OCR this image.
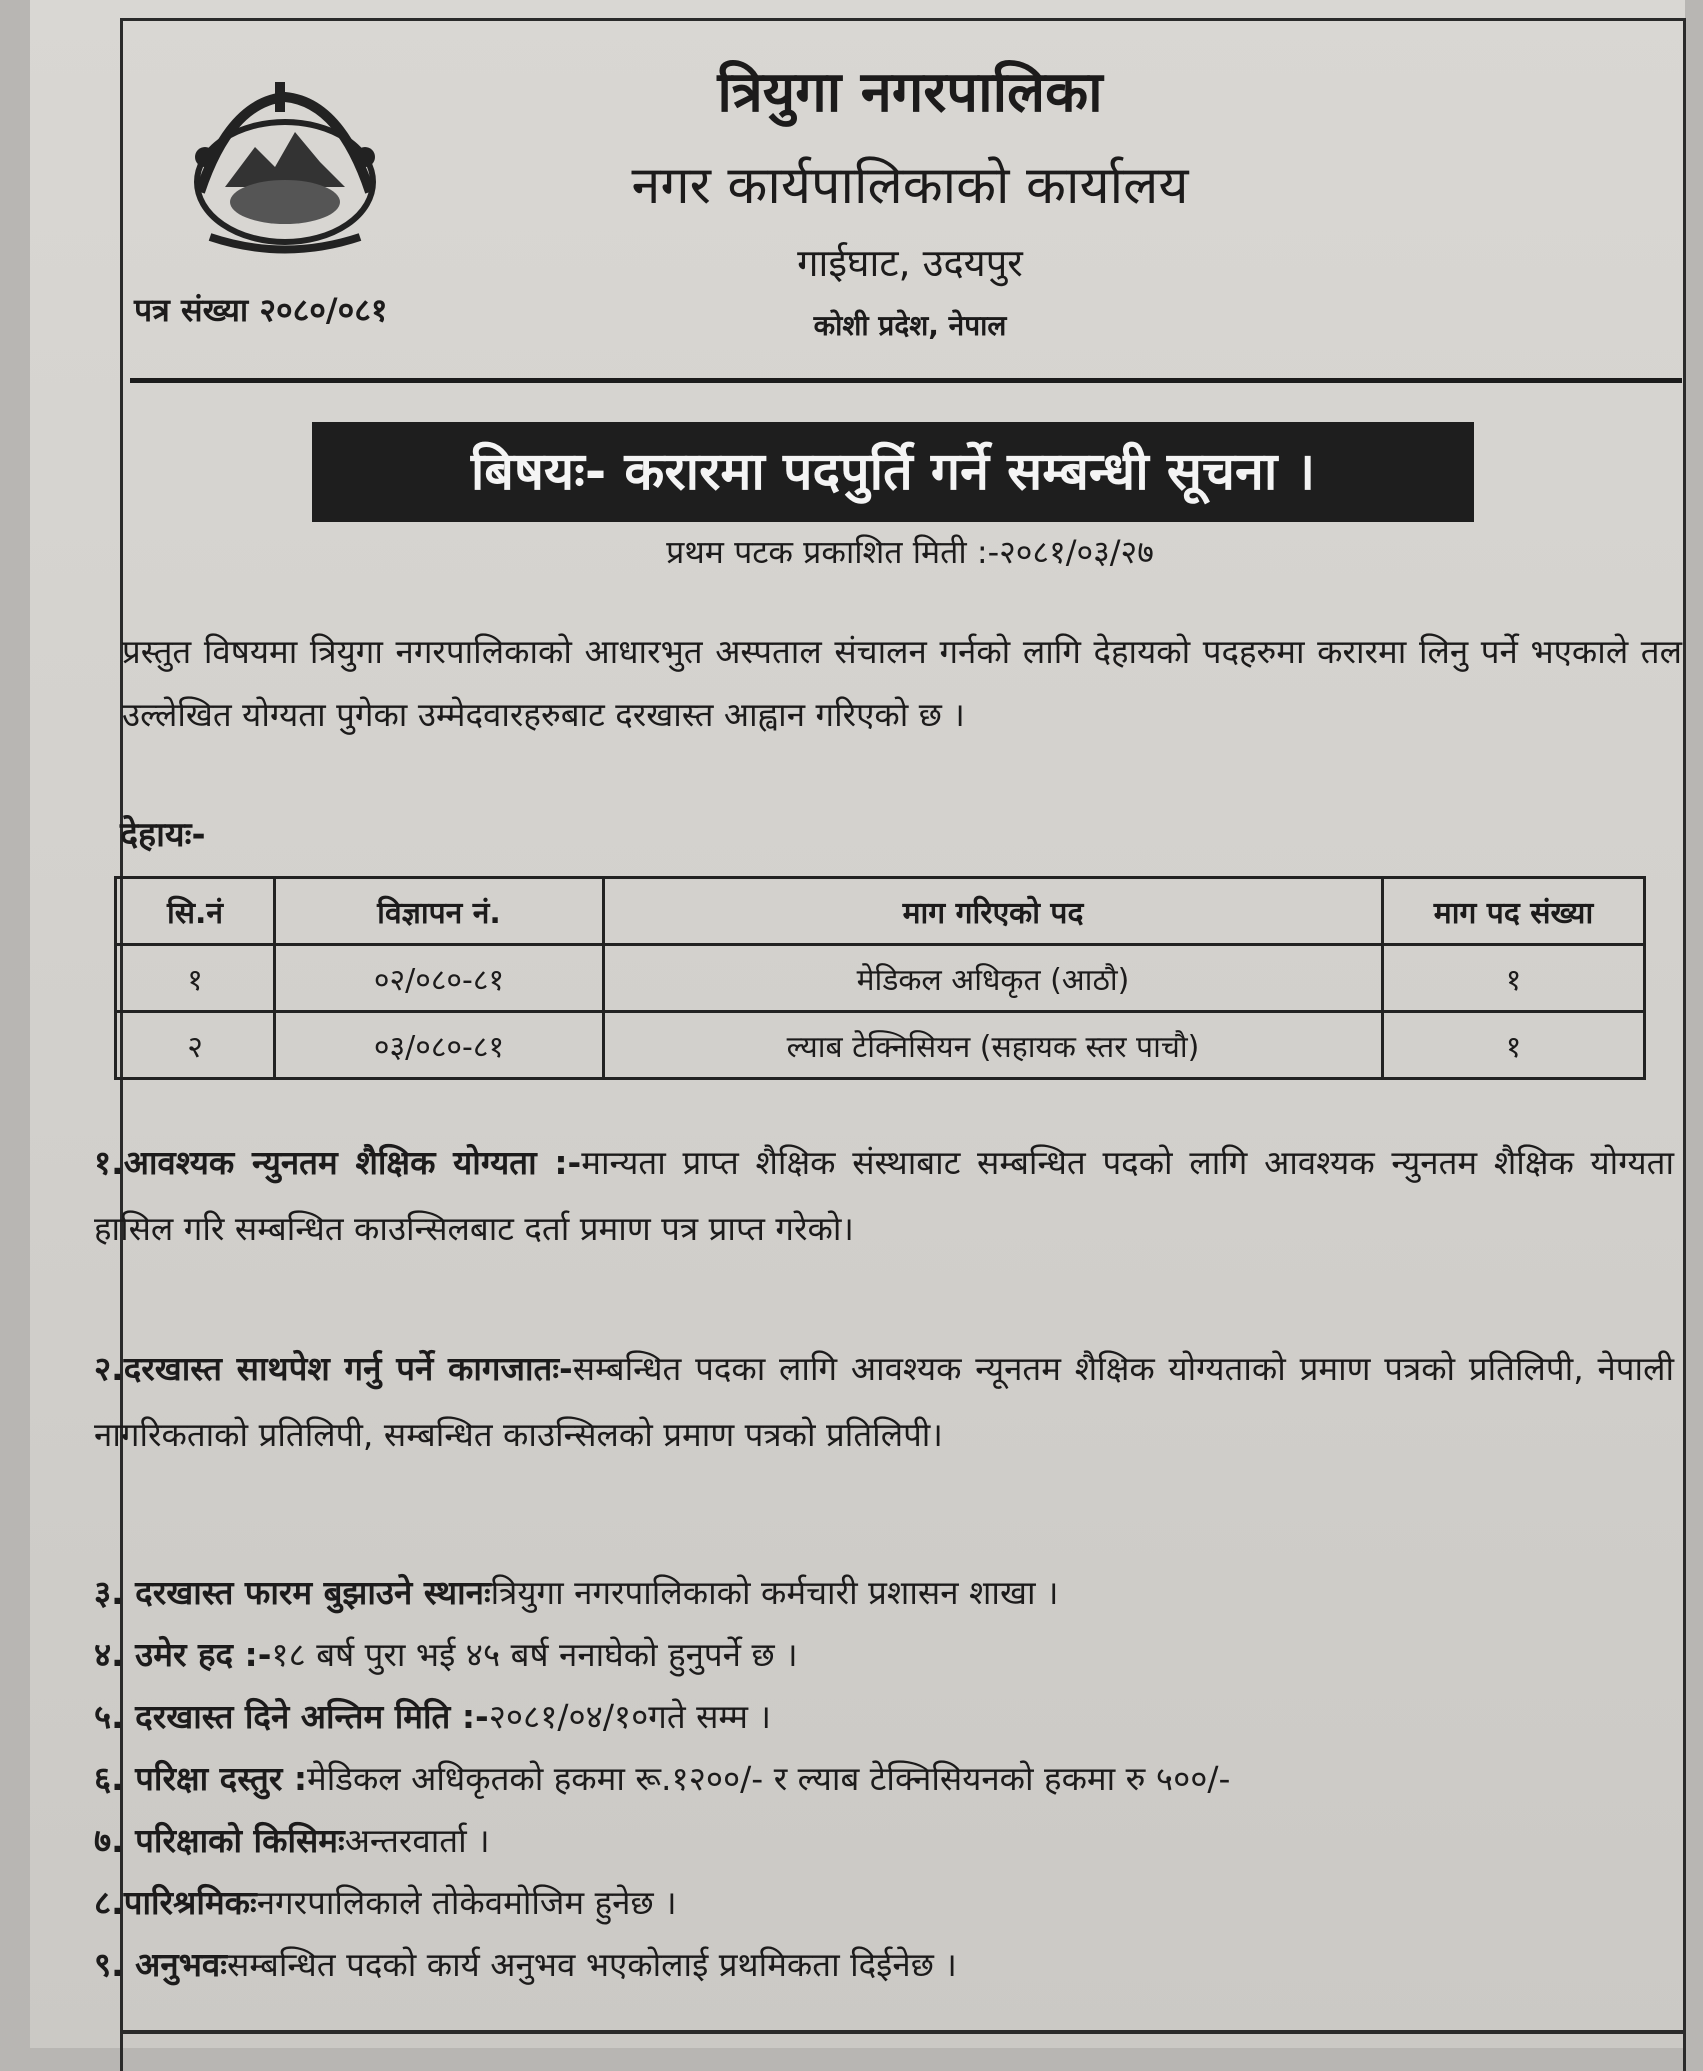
त्रियुगा नगरपालिका
नगर कार्यपालिकाको कार्यालय
गाईघाट, उदयपुर
कोशी प्रदेश, नेपाल
पत्र संख्या २०८०/०८१
बिषयः- करारमा पदपुर्ति गर्ने सम्बन्धी सूचना ।
प्रथम पटक प्रकाशित मिती :-२०८१/०३/२७
प्रस्तुत विषयमा त्रियुगा नगरपालिकाको आधारभुत अस्पताल संचालन गर्नको लागि देहायको पदहरुमा करारमा लिनु पर्ने भएकाले तल उल्लेखित योग्यता पुगेका उम्मेदवारहरुबाट दरखास्त आह्वान गरिएको छ ।
देहायः-
सि.नं	विज्ञापन नं.	माग गरिएको पद	माग पद संख्या
१	०२/०८०-८१	मेडिकल अधिकृत (आठौ)	१
२	०३/०८०-८१	ल्याब टेक्निसियन (सहायक स्तर पाचौ)	१
१.आवश्यक न्युनतम शैक्षिक योग्यता :-मान्यता प्राप्त शैक्षिक संस्थाबाट सम्बन्धित पदको लागि आवश्यक न्युनतम शैक्षिक योग्यता हासिल गरि सम्बन्धित काउन्सिलबाट दर्ता प्रमाण पत्र प्राप्त गरेको।
२.दरखास्त साथपेश गर्नु पर्ने कागजातः-सम्बन्धित पदका लागि आवश्यक न्यूनतम शैक्षिक योग्यताको प्रमाण पत्रको प्रतिलिपी, नेपाली नागरिकताको प्रतिलिपी, सम्बन्धित काउन्सिलको प्रमाण पत्रको प्रतिलिपी।
३. दरखास्त फारम बुझाउने स्थानःत्रियुगा नगरपालिकाको कर्मचारी प्रशासन शाखा ।
४. उमेर हद :-१८ बर्ष पुरा भई ४५ बर्ष ननाघेको हुनुपर्ने छ ।
५. दरखास्त दिने अन्तिम मिति :-२०८१/०४/१०गते सम्म ।
६. परिक्षा दस्तुर :मेडिकल अधिकृतको हकमा रू.१२००/- र ल्याब टेक्निसियनको हकमा रु ५००/-
७. परिक्षाको किसिमःअन्तरवार्ता ।
८.पारिश्रमिकःनगरपालिकाले तोकेवमोजिम हुनेछ ।
९. अनुभवःसम्बन्धित पदको कार्य अनुभव भएकोलाई प्रथमिकता दिईनेछ ।
